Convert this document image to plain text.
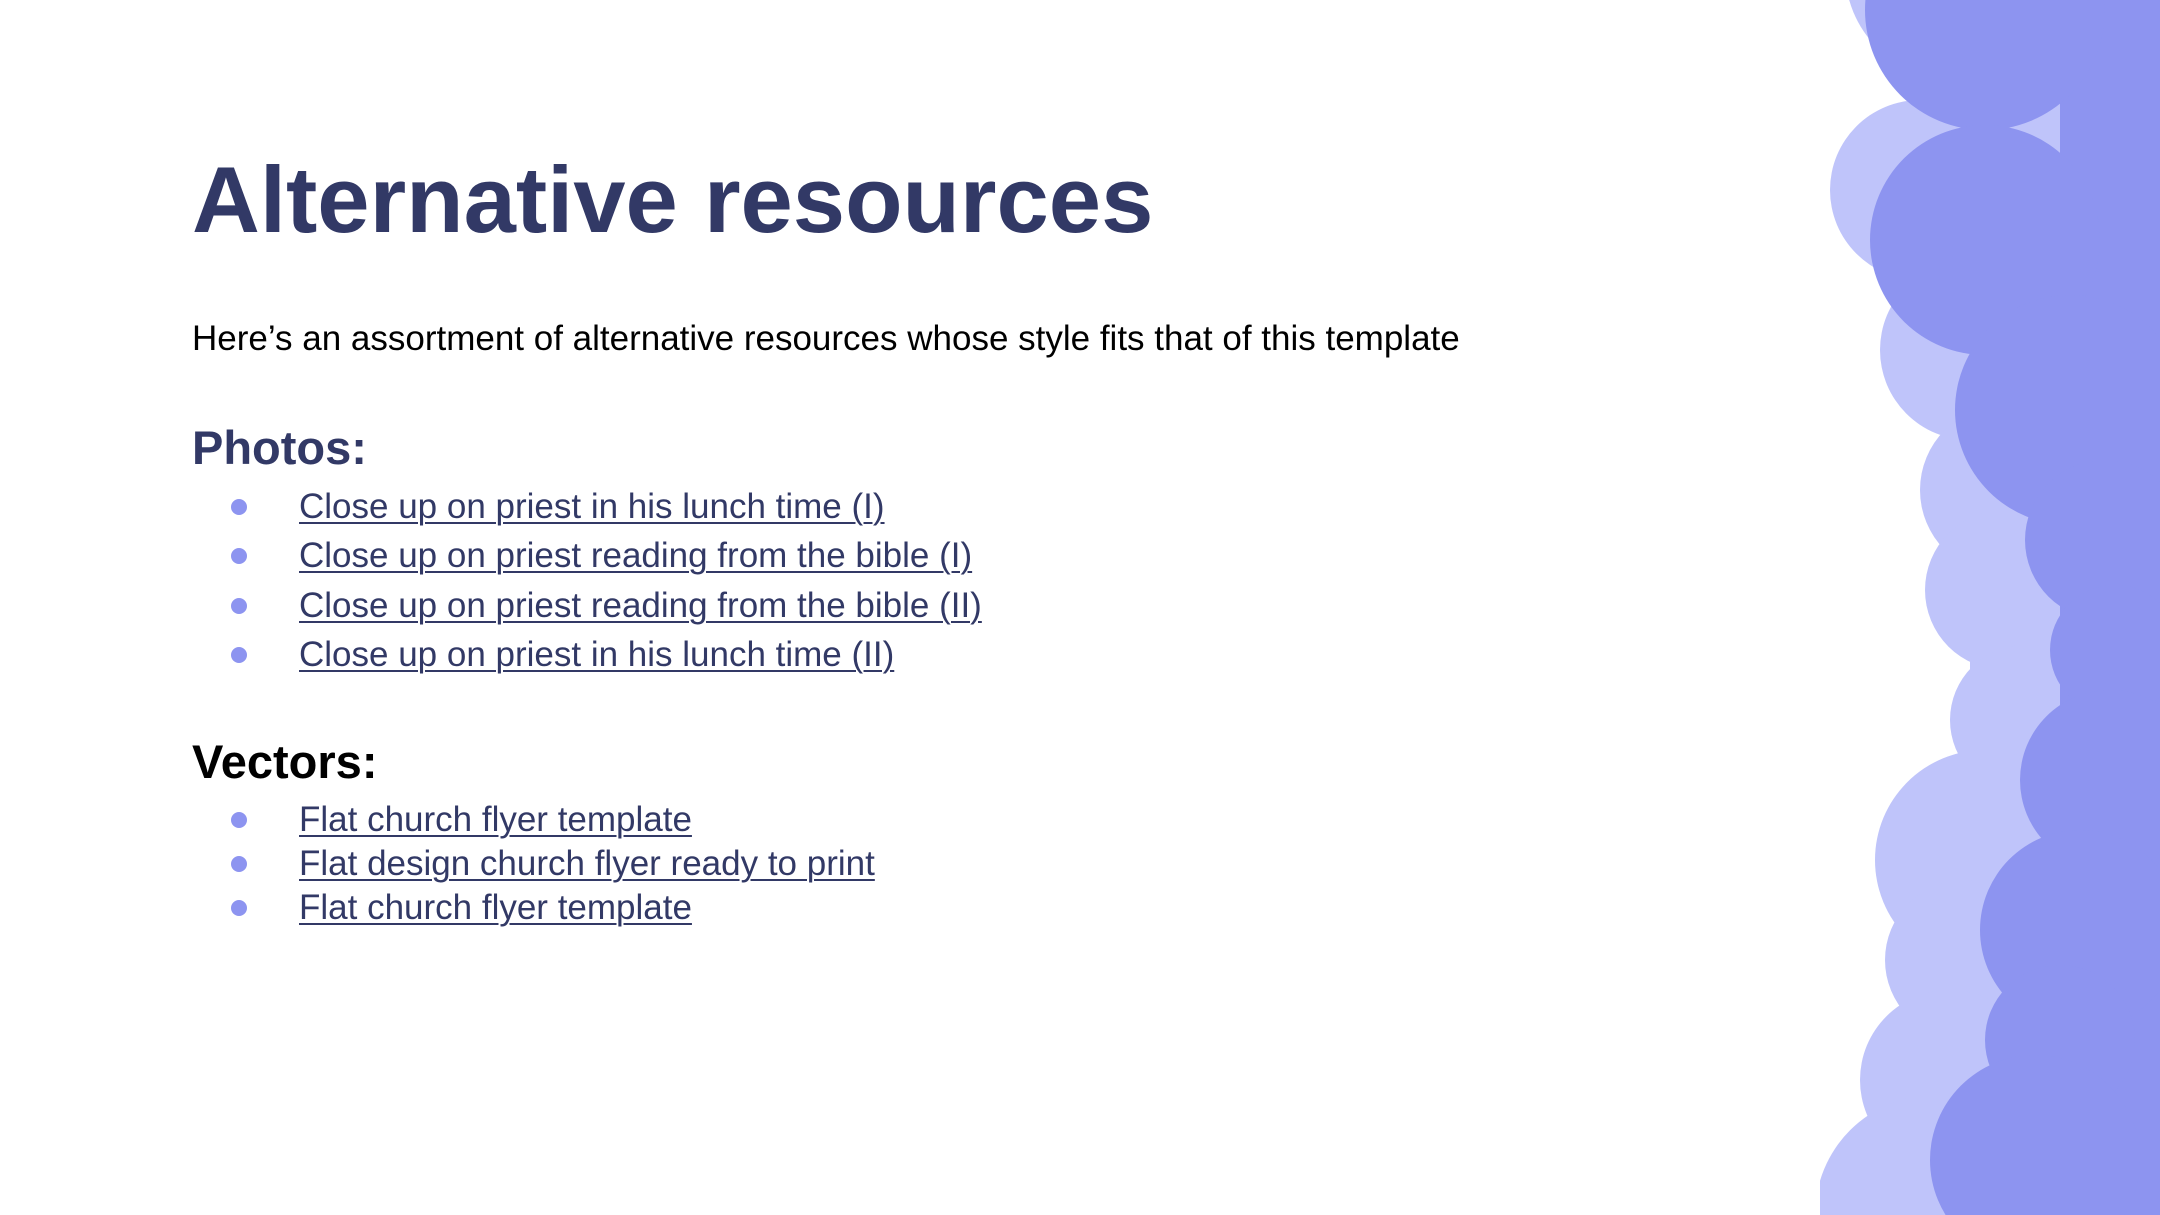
Alternative resources

Here’s an assortment of alternative resources whose style fits that of this template

Photos:
Close up on priest in his lunch time (I)
Close up on priest reading from the bible (I)
Close up on priest reading from the bible (II)
Close up on priest in his lunch time (II)
Vectors:
Flat church flyer template
Flat design church flyer ready to print
Flat church flyer template
